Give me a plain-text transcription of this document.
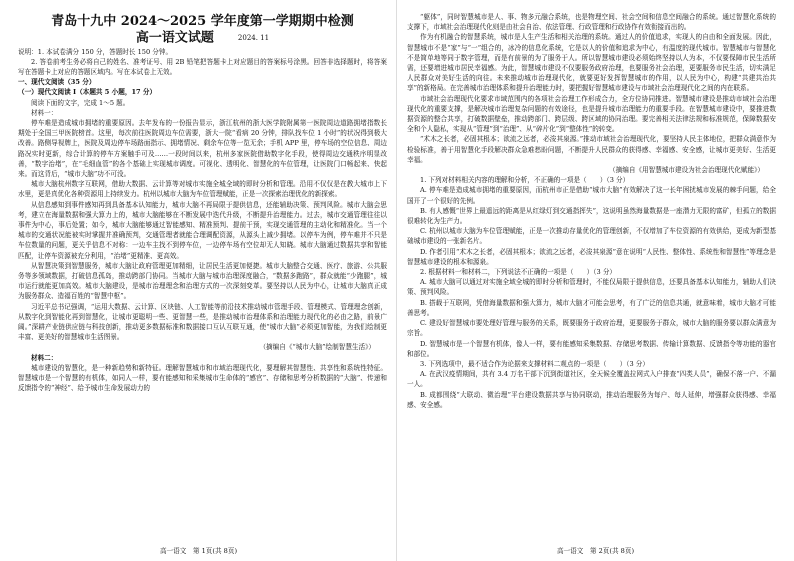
青岛十九中 2024～2025 学年度第一学期期中检测
高一语文试题	2024. 11

说明：1. 本试卷满分 150 分，答题时长 150 分钟。

2. 答卷前考生务必将自己的姓名、准考证号、用 2B 铅笔把答题卡上对应题目的答案标号涂黑。回答非选择题时，将答案写在答题卡上对应的答题区域内。写在本试卷上无效。

一、现代文阅读（35 分）

（一）现代文阅读 I（本题共 5 小题，17 分）

阅读下面的文字，完成 1～5 题。

材料一：

停车难是造成城市拥堵的重要原因。去年发布的一份报告显示，浙江杭州的浙大医学院附属第一医院周边道路拥堵指数长期处于全国三甲医院榜首。这里，每次前往医院周边车位需要，浙大一院“看病 20 分钟，排队找车位 1 小时”的状况得到极大改善。路侧导视牌上，医院及周边停车场路面指示、拥堵情况、剩余车位等一览无余；手机 APP 里，停车场的空位信息、周边路况实时更新，综合计算的停车方案触手可及……一段时间以来，杭州多家医院借助数字化手段，使得周边交通秩序明显改善，“数字治堵”，在“毛细血管”的各个基础上实现城市调度。可视化、透明化、智慧化的车位管理，让医院门口畅起来、快起来。而这背后，“城市大脑”功不可没。

城市大脑杭州数字互联网，借助大数据、云计算等对城市实施全城全域的即时分析和管理。沿用不仅仅是在教大城市上下水里，更是真优化各种资源用上持续发力。杭州以城市大脑为车位管理赋能，正是一次探索治理优化的新探索。

从信息感知到事件感知再到具备基本认知能力，城市大脑不再局限于提供信息，还能辅助决策、预判风险。城市大脑会思考，建立在海量数据和强大算力上的，城市大脑能够在不断发展中迭代升级，不断提升治理能力。过去，城市交通管理往往以事件为中心，事后处置；如今，城市大脑能够通过智能感知、精准预判、提前干预，实现交通管理的主动化和精准化。当一个城市的交通状况能被实时掌握并准确预判，交通管理者就能合理调配资源，从源头上减少拥堵。以停车为例，停车难并不只是车位数量的问题，更关乎信息不对称：一边车主找不到停车位，一边停车场有空位却无人知晓。城市大脑通过数据共享和智能匹配，让停车资源被充分利用，“治堵”更精准、更高效。

从智慧决策到智慧服务，城市大脑让政府管理更加精细，让居民生活更加便捷。城市大脑整合交通、医疗、旅游、公共服务等多领域数据，打破信息孤岛，推动跨部门协同。当城市大脑与城市治理深度融合，“数据多跑路”，群众就能“少跑腿”，城市运行就能更加高效。城市大脑建设，是城市治理理念和治理方式的一次深刻变革。要坚持以人民为中心，让城市大脑真正成为服务群众、造福百姓的“智慧中枢”。

习近平总书记强调，“运用大数据、云计算、区块链、人工智能等前沿技术推动城市管理手段、管理模式、管理理念创新，从数字化到智能化再到智慧化，让城市更聪明一些、更智慧一些，是推动城市治理体系和治理能力现代化的必由之路，前景广阔。”深耕产业链供应链与科技创新，推动更多数据标准和数据接口互认互联互通，使“城市大脑”必须更加智能，为我们绘制更丰富、更美好的智慧城市生活图景。

（摘编自《“城市大脑”绘制智慧生活》）

材料二：

城市建设的智慧化，是一种新趋势和新特征。理解智慧城市和市域治理现代化，要理解其智慧性、共享性和系统性特征。智慧城市是一个智慧的有机体，如同人一样，要有能感知和采集城市生命体的“感官”、存储和思考分析数据的“大脑”、传递和反馈指令的“神经”、给予城市生命发展动力的

高一语文　第 1页(共 8页)

“躯体”，同时智慧城市是人、事、物多元融合系统，也是物理空间、社会空间和信息空间融合的系统。通过智慧化系统的支撑下，市域社会治理现代化则是由社会自治、依法管理、行政管理和行政协作有效衔接而出的。

作为有机融合的智慧系统，城市是人生产生活和相关治理的系统。通过人的价值追求，实现人的自由和全面发展。因此，智慧城市不是“家”与“一”组合的，冰冷的信息化系统，它是以人的价值和追求为中心，有温度的现代城市。智慧城市与智慧化不是简单地等同于数字管理，而是有前景的为了服务于人。所以智慧城市建设必须始终坚持以人为本，不仅要保障市民生活所需，还要增进城市居民幸福感。为此，智慧城市建设不仅要服务政府治理，也要服务社会治理，更要服务市民生活，切实满足人民群众对美好生活的向往。未来推动城市治理现代化，就要更好发挥智慧城市的作用，以人民为中心，构建“共建共治共享”的新格局。在完善城市治理体系和提升治理能力时，要把握好智慧城市建设与市域社会治理现代化之间的内在联系。

市域社会治理现代化要求市域范围内的各项社会治理工作形成合力，全方位协同推进。智慧城市建设是推动市域社会治理现代化的重要支撑，是解决城市治理复杂问题的有效途径，也是提升城市治理能力的重要手段。在智慧城市建设中，要推进数据资源的整合共享，打破数据壁垒，推动跨部门、跨层级、跨区域的协同治理。要完善相关法律法规和标准规范，保障数据安全和个人隐私，实现从“管理”到“治理”、从“碎片化”到“整体性”的转变。

“术木之长者，必固其根本；欲流之远者，必浚其泉源。”推动市域社会治理现代化，要坚持人民主体地位，把群众满意作为检验标准，善于用智慧化手段解决群众急难愁盼问题，不断提升人民群众的获得感、幸福感、安全感，让城市更美好、生活更幸福。

（摘编自《用智慧城市建设为社会治理现代化赋能》）

1. 下列对材料相关内容的理解和分析，不正确的一项是（　　）（3 分）

A. 停车难是造成城市拥堵的重要原因，而杭州市正是借助“城市大脑”有效解决了这一长年困扰城市发展的棘手问题，给全国开了一个很好的先例。

B. 有人感慨“世界上最遥远的距离是从红绿灯到交通指挥失”，这说明虽然海量数据是一座潜力无限的富矿，但孤立的数据很难转化为生产力。

C. 杭州以城市大脑为车位管理赋能，正是一次推动存量优化的管理创新，不仅增加了车位资源的有效供给，更成为新型基础城市建设的一张新名片。

D. 作者引用“术木之长者，必固其根本；欲流之远者，必浚其泉源”意在说明“人民性、整体性、系统性和智慧性”等理念是智慧城市建设的根本和源泉。

2. 根据材料一和材料二，下列说法不正确的一项是（　　）（3 分）

A. 城市大脑可以通过对实施全域全城的即时分析和管理时，不能仅局限于提供信息，还要具备基本认知能力，辅助人们决策、预判风险。

B. 搭载于互联网，凭借海量数据和强大算力，城市大脑才可能会思考，有了广泛的信息共通，就意味着，城市大脑才可能善思考。

C. 建设好智慧城市要处理好管理与服务的关系，既要服务于政府治理，更要服务于群众，城市大脑的服务要以群众满意为宗旨。

D. 智慧城市是一个智慧有机体，像人一样，要有能感知采集数据、存储思考数据、传输计算数据、反馈指令等功能的器官和部位。

3. 下列选项中，最不适合作为论据来支撑材料二观点的一项是（　　）（3 分）

A. 在武汉疫情期间，共有 3.4 万名干部下沉到街道社区，全天候全覆盖拉网式入户排查“四类人员”，确保不落一户、不漏一人。

B. 成都围绕“大联动、微治理”平台建设数据共享与协同联动，推动治理服务为每户、每人延伸，增强群众获得感、幸福感、安全感。

高一语文　第 2页(共 8页)
